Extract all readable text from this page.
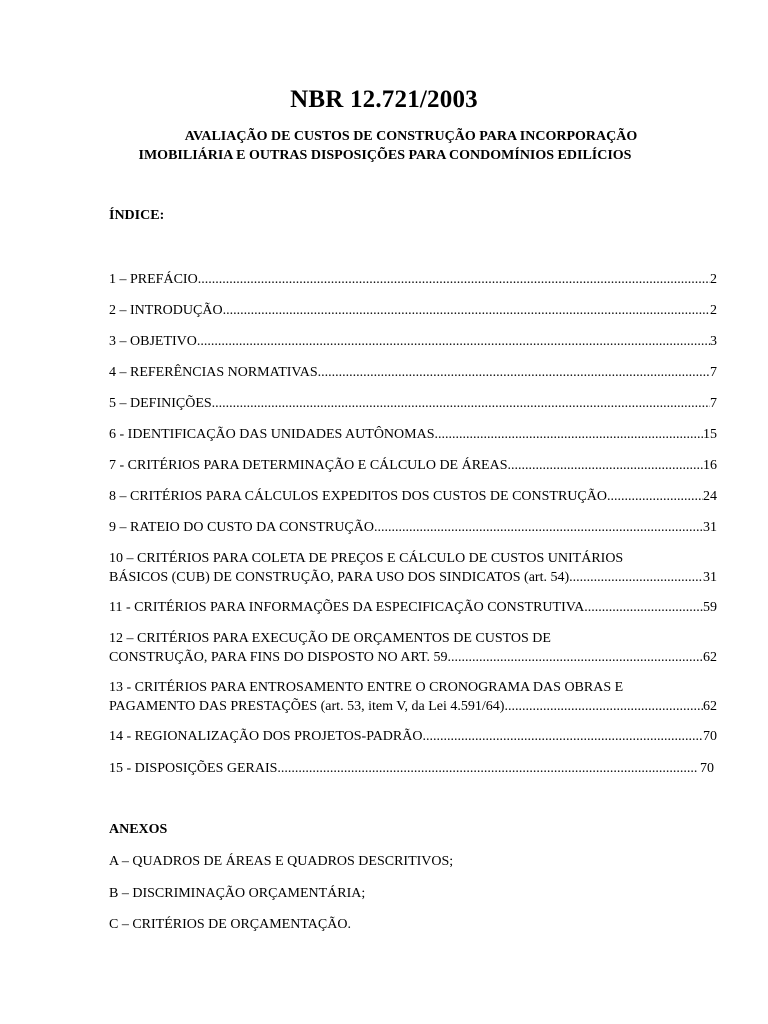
NBR 12.721/2003
AVALIAÇÃO DE CUSTOS DE CONSTRUÇÃO PARA INCORPORAÇÃO
IMOBILIÁRIA E OUTRAS DISPOSIÇÕES PARA CONDOMÍNIOS EDILÍCIOS
ÍNDICE:
1 – PREFÁCIO .....	2
2 – INTRODUÇÃO .....	2
3 – OBJETIVO .....	3
4 – REFERÊNCIAS NORMATIVAS .....	7
5 – DEFINIÇÕES .....	7
6 - IDENTIFICAÇÃO DAS UNIDADES AUTÔNOMAS .....	15
7 - CRITÉRIOS PARA DETERMINAÇÃO E CÁLCULO DE ÁREAS .....	16
8 – CRITÉRIOS PARA CÁLCULOS EXPEDITOS DOS CUSTOS DE CONSTRUÇÃO .....	24
9 – RATEIO DO CUSTO DA CONSTRUÇÃO .....	31
10 – CRITÉRIOS PARA COLETA DE PREÇOS E CÁLCULO DE CUSTOS UNITÁRIOS
BÁSICOS (CUB) DE CONSTRUÇÃO, PARA USO DOS SINDICATOS (art. 54) .....	31
11 - CRITÉRIOS PARA INFORMAÇÕES DA ESPECIFICAÇÃO CONSTRUTIVA .....	59
12 – CRITÉRIOS PARA EXECUÇÃO DE ORÇAMENTOS DE CUSTOS DE
CONSTRUÇÃO, PARA FINS DO DISPOSTO NO ART. 59 .....	62
13 - CRITÉRIOS PARA ENTROSAMENTO ENTRE O CRONOGRAMA DAS OBRAS E
PAGAMENTO DAS PRESTAÇÕES (art. 53, item V, da Lei 4.591/64) .....	62
14 - REGIONALIZAÇÃO DOS PROJETOS-PADRÃO .....	70
15 - DISPOSIÇÕES GERAIS .....	70
ANEXOS
A – QUADROS DE ÁREAS E QUADROS DESCRITIVOS;
B – DISCRIMINAÇÃO ORÇAMENTÁRIA;
C – CRITÉRIOS DE ORÇAMENTAÇÃO.
